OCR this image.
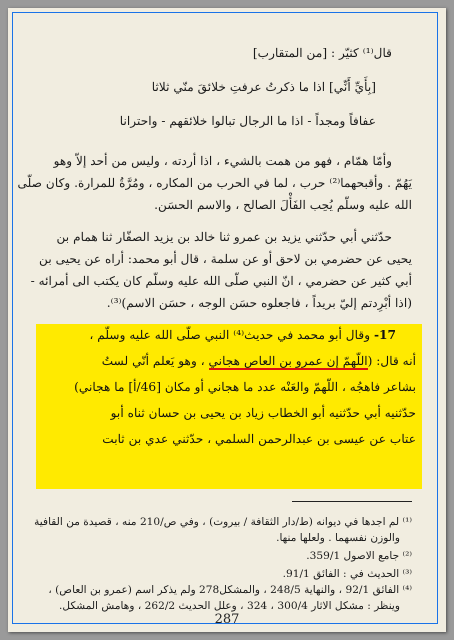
قال⁽¹⁾ كثيّر : [من المتقارب]
[بِأَيِّ أَنِّي] اذا ما ذكرتُ عرفتِ خلائقَ منّي ثلاثا
عفافاً ومجداً - اذا ما الرجال تبالوا خلائقهم - واحترانا
وأمّا همّام ، فهو من همت بالشيء ، اذا أردته ، وليس من أحد إلاّ وهو
يَهُمّ . وأقبحهما⁽²⁾ حرب ، لما في الحرب من المكاره ، ومُرَّةُ للمرارة. وكان صلّى
الله عليه وسلّم يُحِب الفَأْلَ الصالح ، والاسم الحسَن.
حدّثني أبي حدّثني يزيد بن عمرو ثنا خالد بن يزيد الصفّار ثنا همام بن
يحيى عن حضرمي بن لاحق أو عن سلمة ، قال أبو محمد: أراه عن يحيى بن
أبي كثير عن حضرمي ، انّ النبي صلّى الله عليه وسلّم كان يكتب الى أمرائه -
(اذا أبْرِدتم إليّ بريداً ، فاجعلوه حسَن الوجه ، حسَن الاسم)⁽³⁾.
17- وقال أبو محمد في حديث⁽⁴⁾ النبي صلّى الله عليه وسلّم ،
أنه قال: (اللّهمّ إن عمرو بن العاص هجاني ، وهو يَعلم أنّي لستُ
بشاعر فاهجُه ، اللّهمّ والعَنْه عدد ما هجاني أو مكان [46/أ] ما هجاني)
حدّثنيه أبي حدّثنيه أبو الخطاب زياد بن يحيى بن حسان ثناه أبو
عتاب عن عيسى بن عبدالرحمن السلمي ، حدّثني عدي بن ثابت
⁽¹⁾ لم اجدها في ديوانه (ط/دار الثقافة / بيروت) ، وفي ص/210 منه ، قصيدة من القافية
والوزن نفسهما . ولعلها منها.
⁽²⁾ جامع الاصول 359/1.
⁽³⁾ الحديث في : الفائق 91/1.
⁽⁴⁾ الفائق 92/1 ، والنهاية 248/5 ، والمشكل278 ولم يذكر اسم (عمرو بن العاص) ،
وينظر : مشكل الاثار 300/4 ، 324 ، وعلل الحديث 262/2 ، وهامش المشكل.
287
